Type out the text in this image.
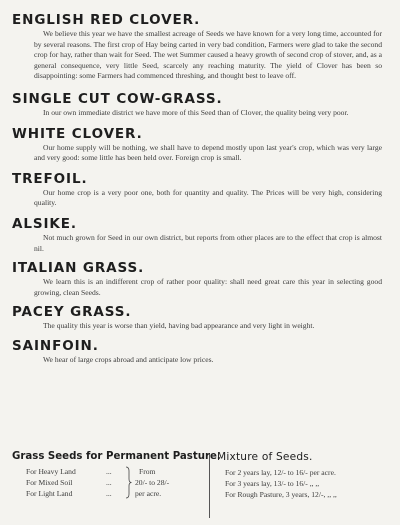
ENGLISH RED CLOVER.

We believe this year we have the smallest acreage of Seeds we have known for a very long time, accounted for by several reasons. The first crop of Hay being carted in very bad condition, Farmers were glad to take the second crop for hay, rather than wait for Seed. The wet Summer caused a heavy growth of second crop of stover, and, as a general consequence, very little Seed, scarcely any reaching maturity. The yield of Clover has been so disappointing: some Farmers had commenced threshing, and thought best to leave off.

SINGLE CUT COW-GRASS.

In our own immediate district we have more of this Seed than of Clover, the quality being very poor.

WHITE CLOVER.

Our home supply will be nothing, we shall have to depend mostly upon last year's crop, which was very large and very good: some little has been held over. Foreign crop is small.

TREFOIL.

Our home crop is a very poor one, both for quantity and quality. The Prices will be very high, considering quality.

ALSIKE.

Not much grown for Seed in our own district, but reports from other places are to the effect that crop is almost nil.

ITALIAN GRASS.

We learn this is an indifferent crop of rather poor quality: shall need great care this year in selecting good growing, clean Seeds.

PACEY GRASS.

The quality this year is worse than yield, having bad appearance and very light in weight.

SAINFOIN.

We hear of large crops abroad and anticipate low prices.

Grass Seeds for Permanent Pasture.
For Heavy Land	...	From
For Mixed Soil	...	20/- to 28/-
For Light Land	...	per acre.
Mixture of Seeds.
For 2 years lay, 12/- to 16/- per acre.
For 3 years lay, 13/- to 16/- ,, ,,
For Rough Pasture, 3 years, 12/-, ,, ,,
